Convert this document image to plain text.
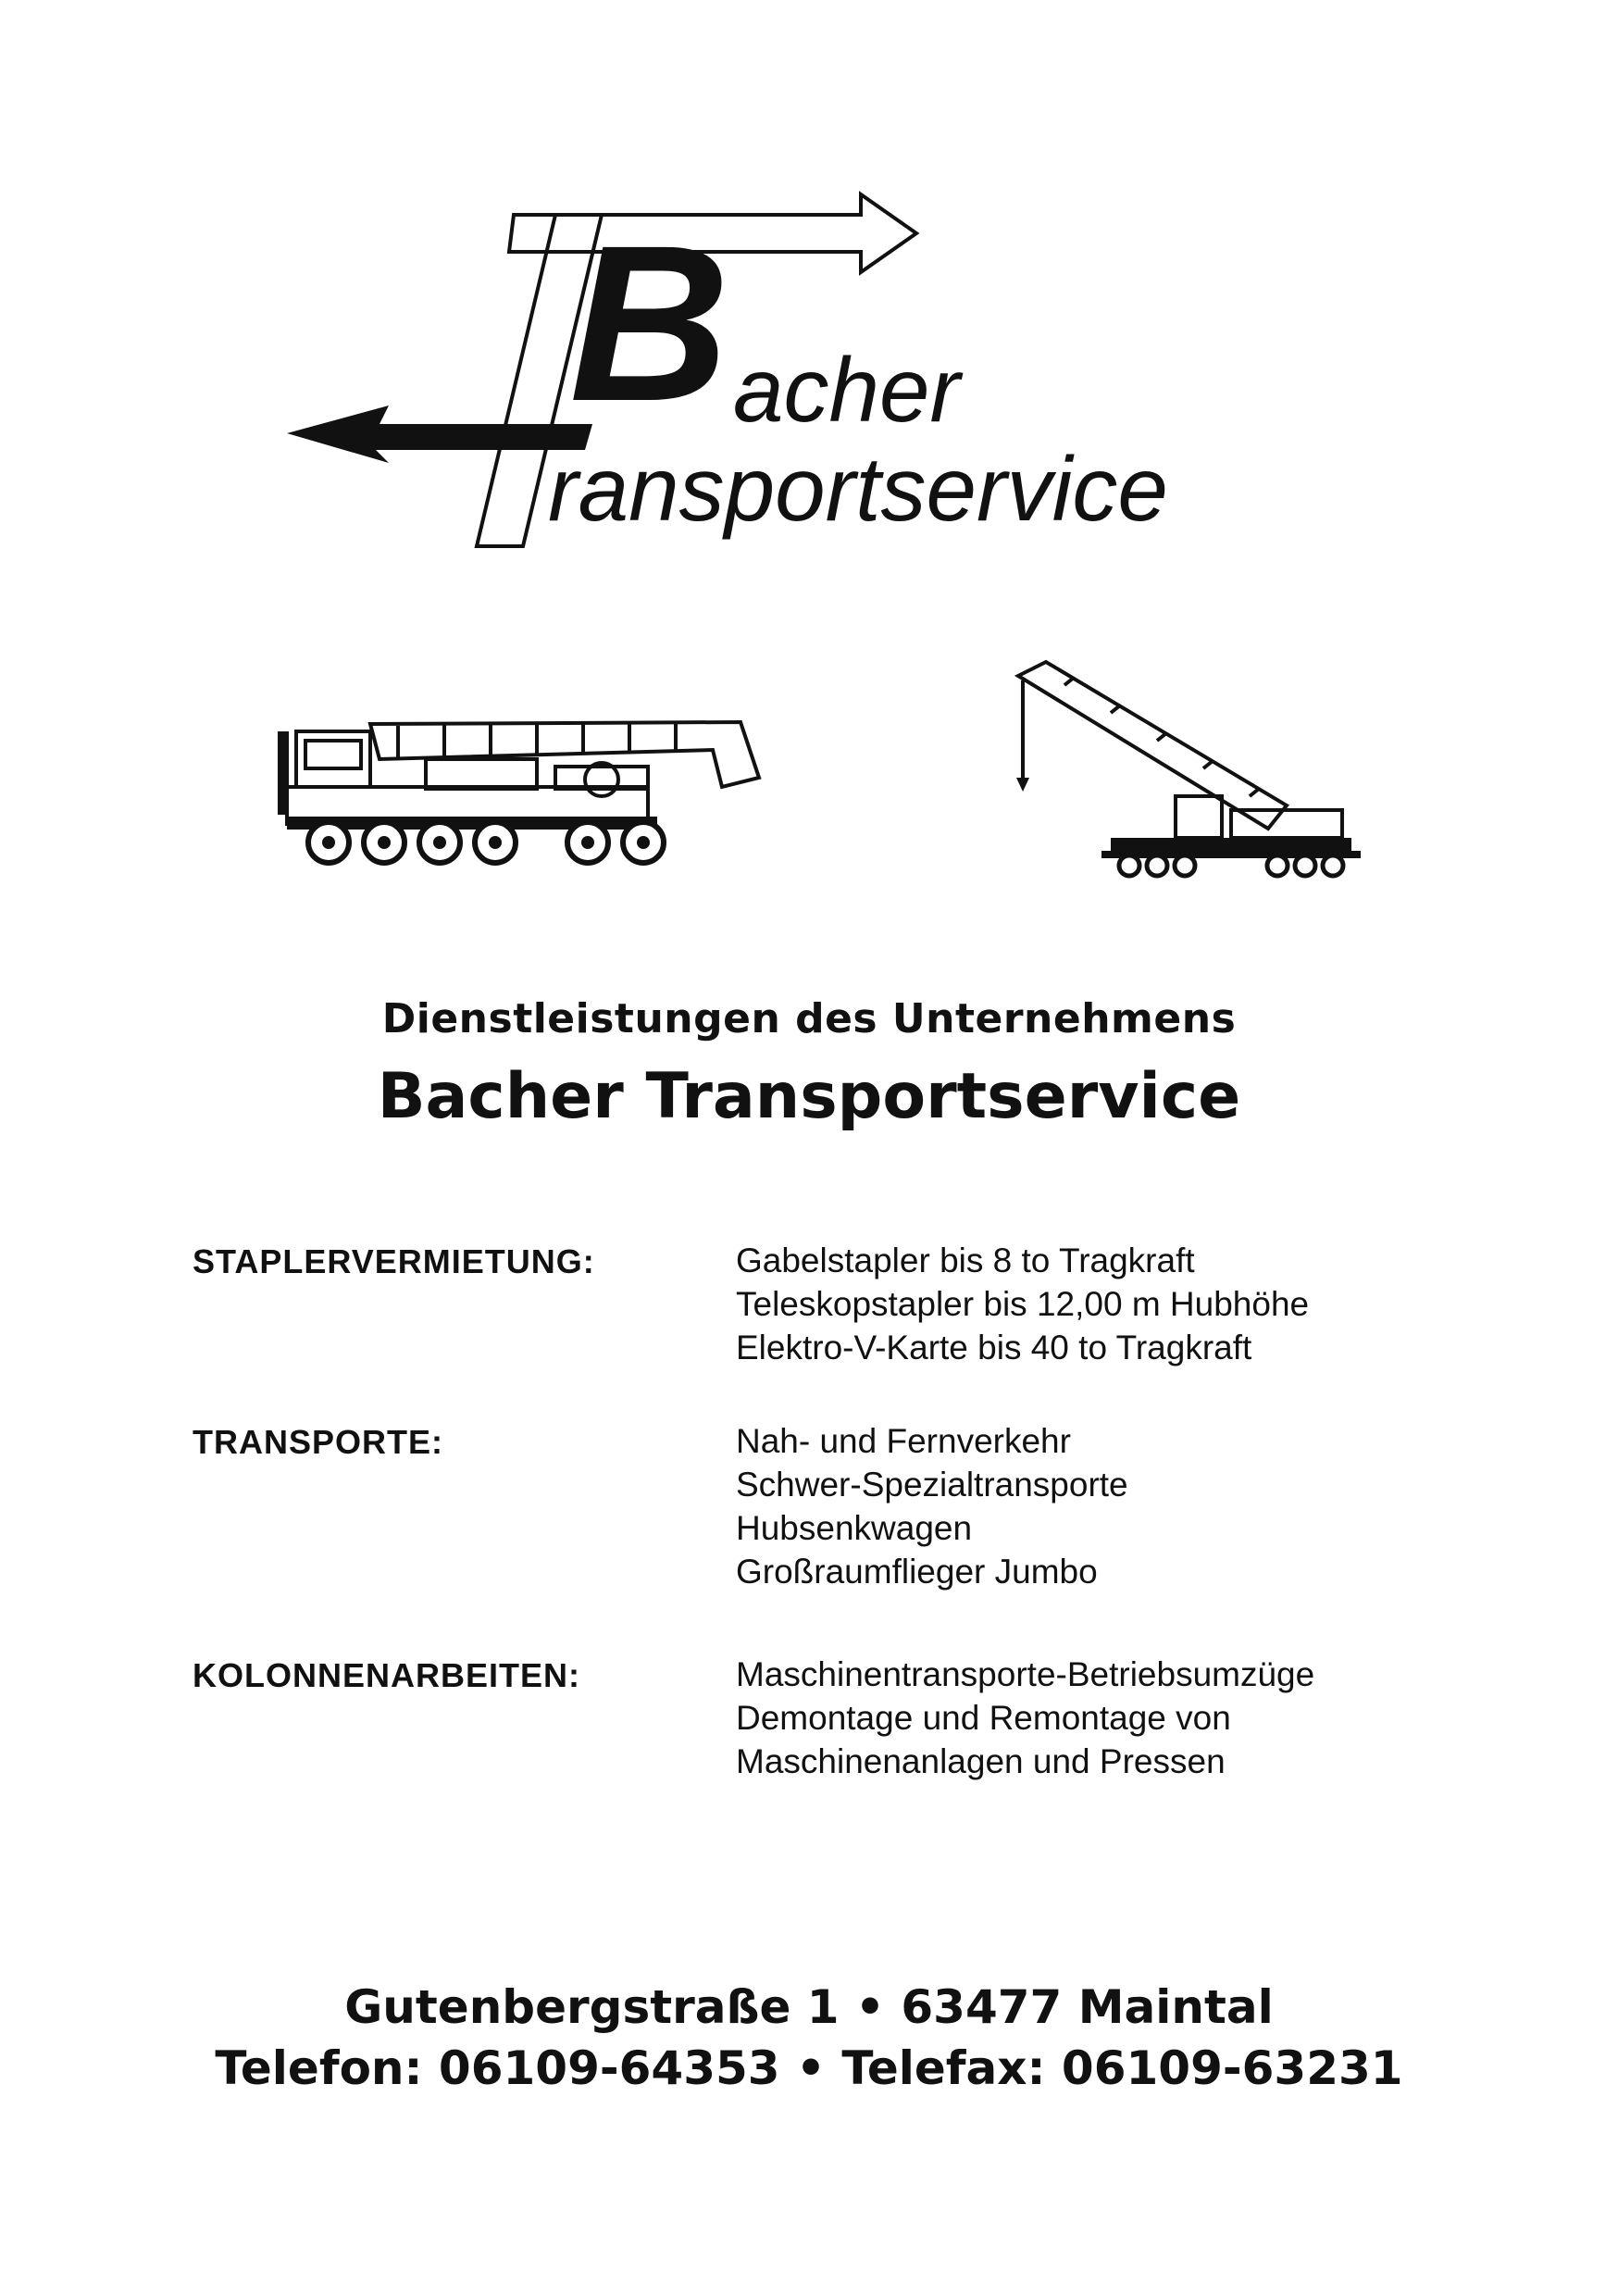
B acher
ransportservice
Dienstleistungen des Unternehmens
Bacher Transportservice
STAPLERVERMIETUNG:	Gabelstapler bis 8 to Tragkraft
Teleskopstapler bis 12,00 m Hubhöhe
Elektro-V-Karte bis 40 to Tragkraft
TRANSPORTE:	Nah- und Fernverkehr
Schwer-Spezialtransporte
Hubsenkwagen
Großraumflieger Jumbo
KOLONNENARBEITEN:	Maschinentransporte-Betriebsumzüge
Demontage und Remontage von
Maschinenanlagen und Pressen
Gutenbergstraße 1 • 63477 Maintal
Telefon: 06109-64353 • Telefax: 06109-63231
